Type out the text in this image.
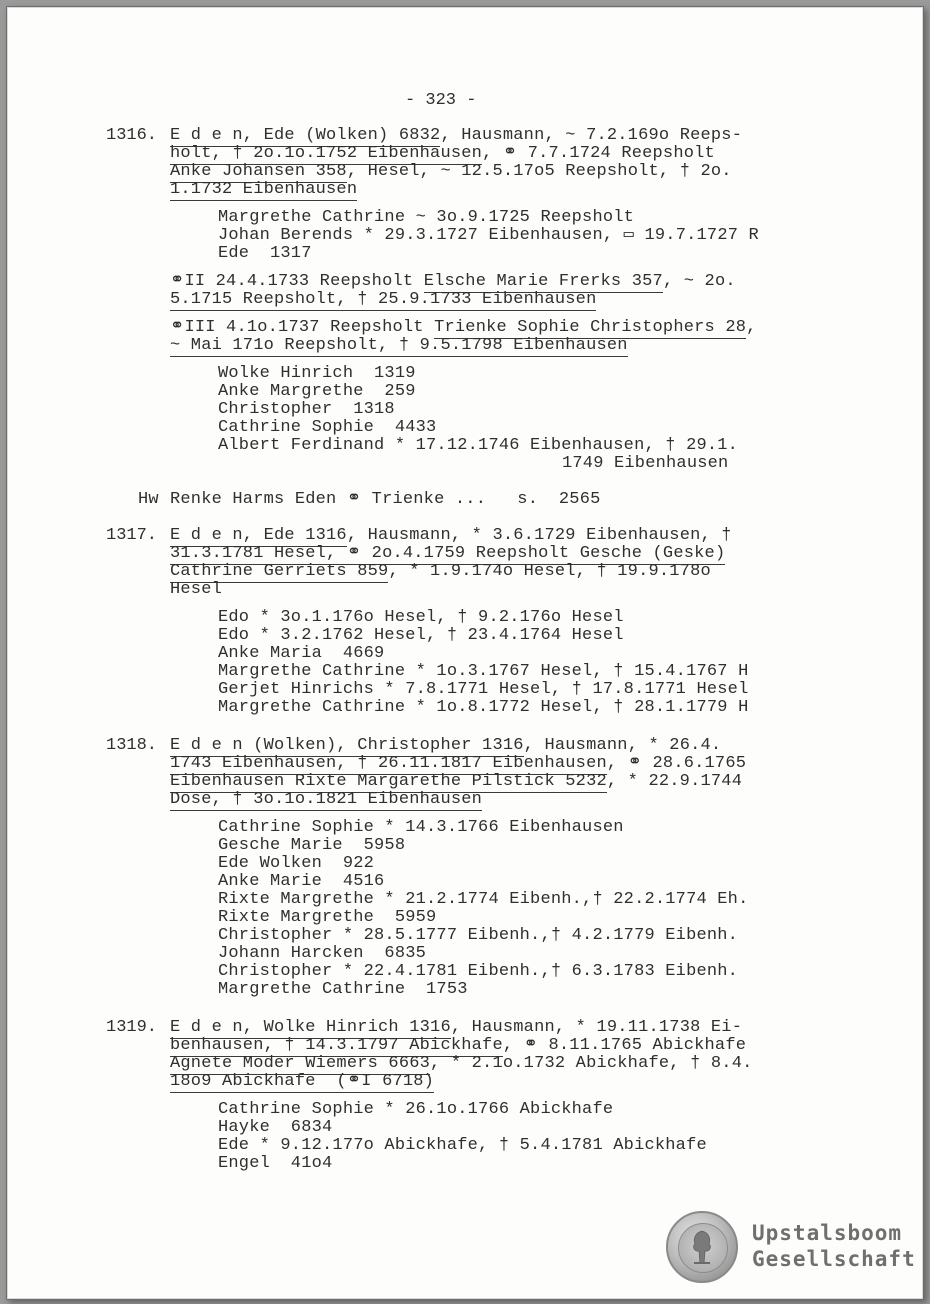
- 323 -
1316. E d e n, Ede (Wolken) 6832, Hausmann, ~ 7.2.169o Reeps-
holt, † 2o.1o.1752 Eibenhausen, ⚭ 7.7.1724 Reepsholt
Anke Johansen 358, Hesel, ~ 12.5.17o5 Reepsholt, † 2o.
1.1732 Eibenhausen
Margrethe Cathrine ~ 3o.9.1725 Reepsholt
Johan Berends * 29.3.1727 Eibenhausen, ▭ 19.7.1727 R
Ede  1317
⚭II 24.4.1733 Reepsholt Elsche Marie Frerks 357, ~ 2o.
5.1715 Reepsholt, † 25.9.1733 Eibenhausen
⚭III 4.1o.1737 Reepsholt Trienke Sophie Christophers 28,
~ Mai 171o Reepsholt, † 9.5.1798 Eibenhausen
Wolke Hinrich  1319
Anke Margrethe  259
Christopher  1318
Cathrine Sophie  4433
Albert Ferdinand * 17.12.1746 Eibenhausen, † 29.1.
1749 Eibenhausen
Hw Renke Harms Eden ⚭ Trienke ...   s.  2565
1317. E d e n, Ede 1316, Hausmann, * 3.6.1729 Eibenhausen, †
31.3.1781 Hesel, ⚭ 2o.4.1759 Reepsholt Gesche (Geske)
Cathrine Gerriets 859, * 1.9.174o Hesel, † 19.9.178o
Hesel
Edo * 3o.1.176o Hesel, † 9.2.176o Hesel
Edo * 3.2.1762 Hesel, † 23.4.1764 Hesel
Anke Maria  4669
Margrethe Cathrine * 1o.3.1767 Hesel, † 15.4.1767 H
Gerjet Hinrichs * 7.8.1771 Hesel, † 17.8.1771 Hesel
Margrethe Cathrine * 1o.8.1772 Hesel, † 28.1.1779 H
1318. E d e n (Wolken), Christopher 1316, Hausmann, * 26.4.
1743 Eibenhausen, † 26.11.1817 Eibenhausen, ⚭ 28.6.1765
Eibenhausen Rixte Margarethe Pilstick 5232, * 22.9.1744
Dose, † 3o.1o.1821 Eibenhausen
Cathrine Sophie * 14.3.1766 Eibenhausen
Gesche Marie  5958
Ede Wolken  922
Anke Marie  4516
Rixte Margrethe * 21.2.1774 Eibenh.,† 22.2.1774 Eh.
Rixte Margrethe  5959
Christopher * 28.5.1777 Eibenh.,† 4.2.1779 Eibenh.
Johann Harcken  6835
Christopher * 22.4.1781 Eibenh.,† 6.3.1783 Eibenh.
Margrethe Cathrine  1753
1319. E d e n, Wolke Hinrich 1316, Hausmann, * 19.11.1738 Ei-
benhausen, † 14.3.1797 Abickhafe, ⚭ 8.11.1765 Abickhafe
Agnete Moder Wiemers 6663, * 2.1o.1732 Abickhafe, † 8.4.
18o9 Abickhafe  (⚭I 6718)
Cathrine Sophie * 26.1o.1766 Abickhafe
Hayke  6834
Ede * 9.12.177o Abickhafe, † 5.4.1781 Abickhafe
Engel  41o4
Upstalsboom
Gesellschaft
